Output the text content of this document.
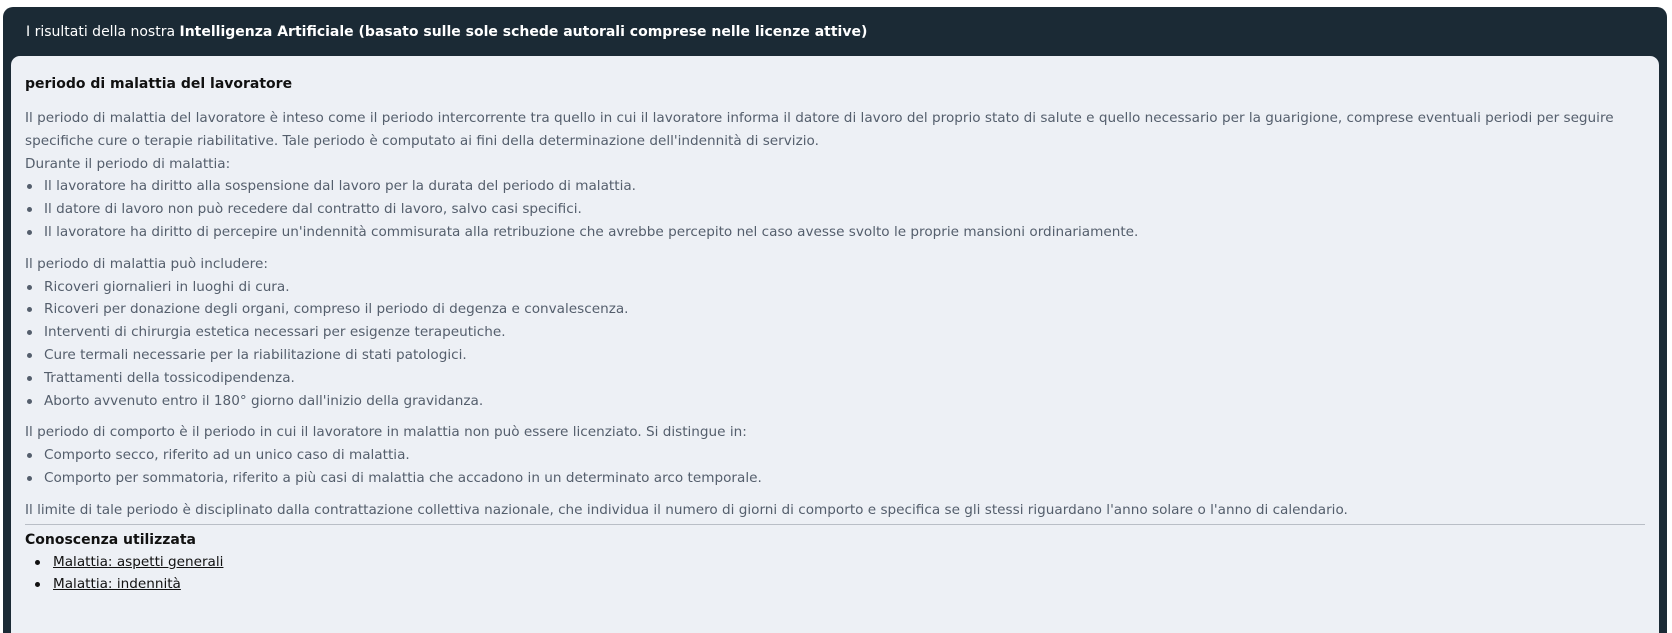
I risultati della nostra Intelligenza Artificiale (basato sulle sole schede autorali comprese nelle licenze attive)
periodo di malattia del lavoratore

Il periodo di malattia del lavoratore è inteso come il periodo intercorrente tra quello in cui il lavoratore informa il datore di lavoro del proprio stato di salute e quello necessario per la guarigione, comprese eventuali periodi per seguire specifiche cure o terapie riabilitative. Tale periodo è computato ai fini della determinazione dell'indennità di servizio.

Durante il periodo di malattia:

Il lavoratore ha diritto alla sospensione dal lavoro per la durata del periodo di malattia.
Il datore di lavoro non può recedere dal contratto di lavoro, salvo casi specifici.
Il lavoratore ha diritto di percepire un'indennità commisurata alla retribuzione che avrebbe percepito nel caso avesse svolto le proprie mansioni ordinariamente.

Il periodo di malattia può includere:

Ricoveri giornalieri in luoghi di cura.
Ricoveri per donazione degli organi, compreso il periodo di degenza e convalescenza.
Interventi di chirurgia estetica necessari per esigenze terapeutiche.
Cure termali necessarie per la riabilitazione di stati patologici.
Trattamenti della tossicodipendenza.
Aborto avvenuto entro il 180° giorno dall'inizio della gravidanza.

Il periodo di comporto è il periodo in cui il lavoratore in malattia non può essere licenziato. Si distingue in:

Comporto secco, riferito ad un unico caso di malattia.
Comporto per sommatoria, riferito a più casi di malattia che accadono in un determinato arco temporale.

Il limite di tale periodo è disciplinato dalla contrattazione collettiva nazionale, che individua il numero di giorni di comporto e specifica se gli stessi riguardano l'anno solare o l'anno di calendario.

Conoscenza utilizzata
Malattia: aspetti generali
Malattia: indennità
